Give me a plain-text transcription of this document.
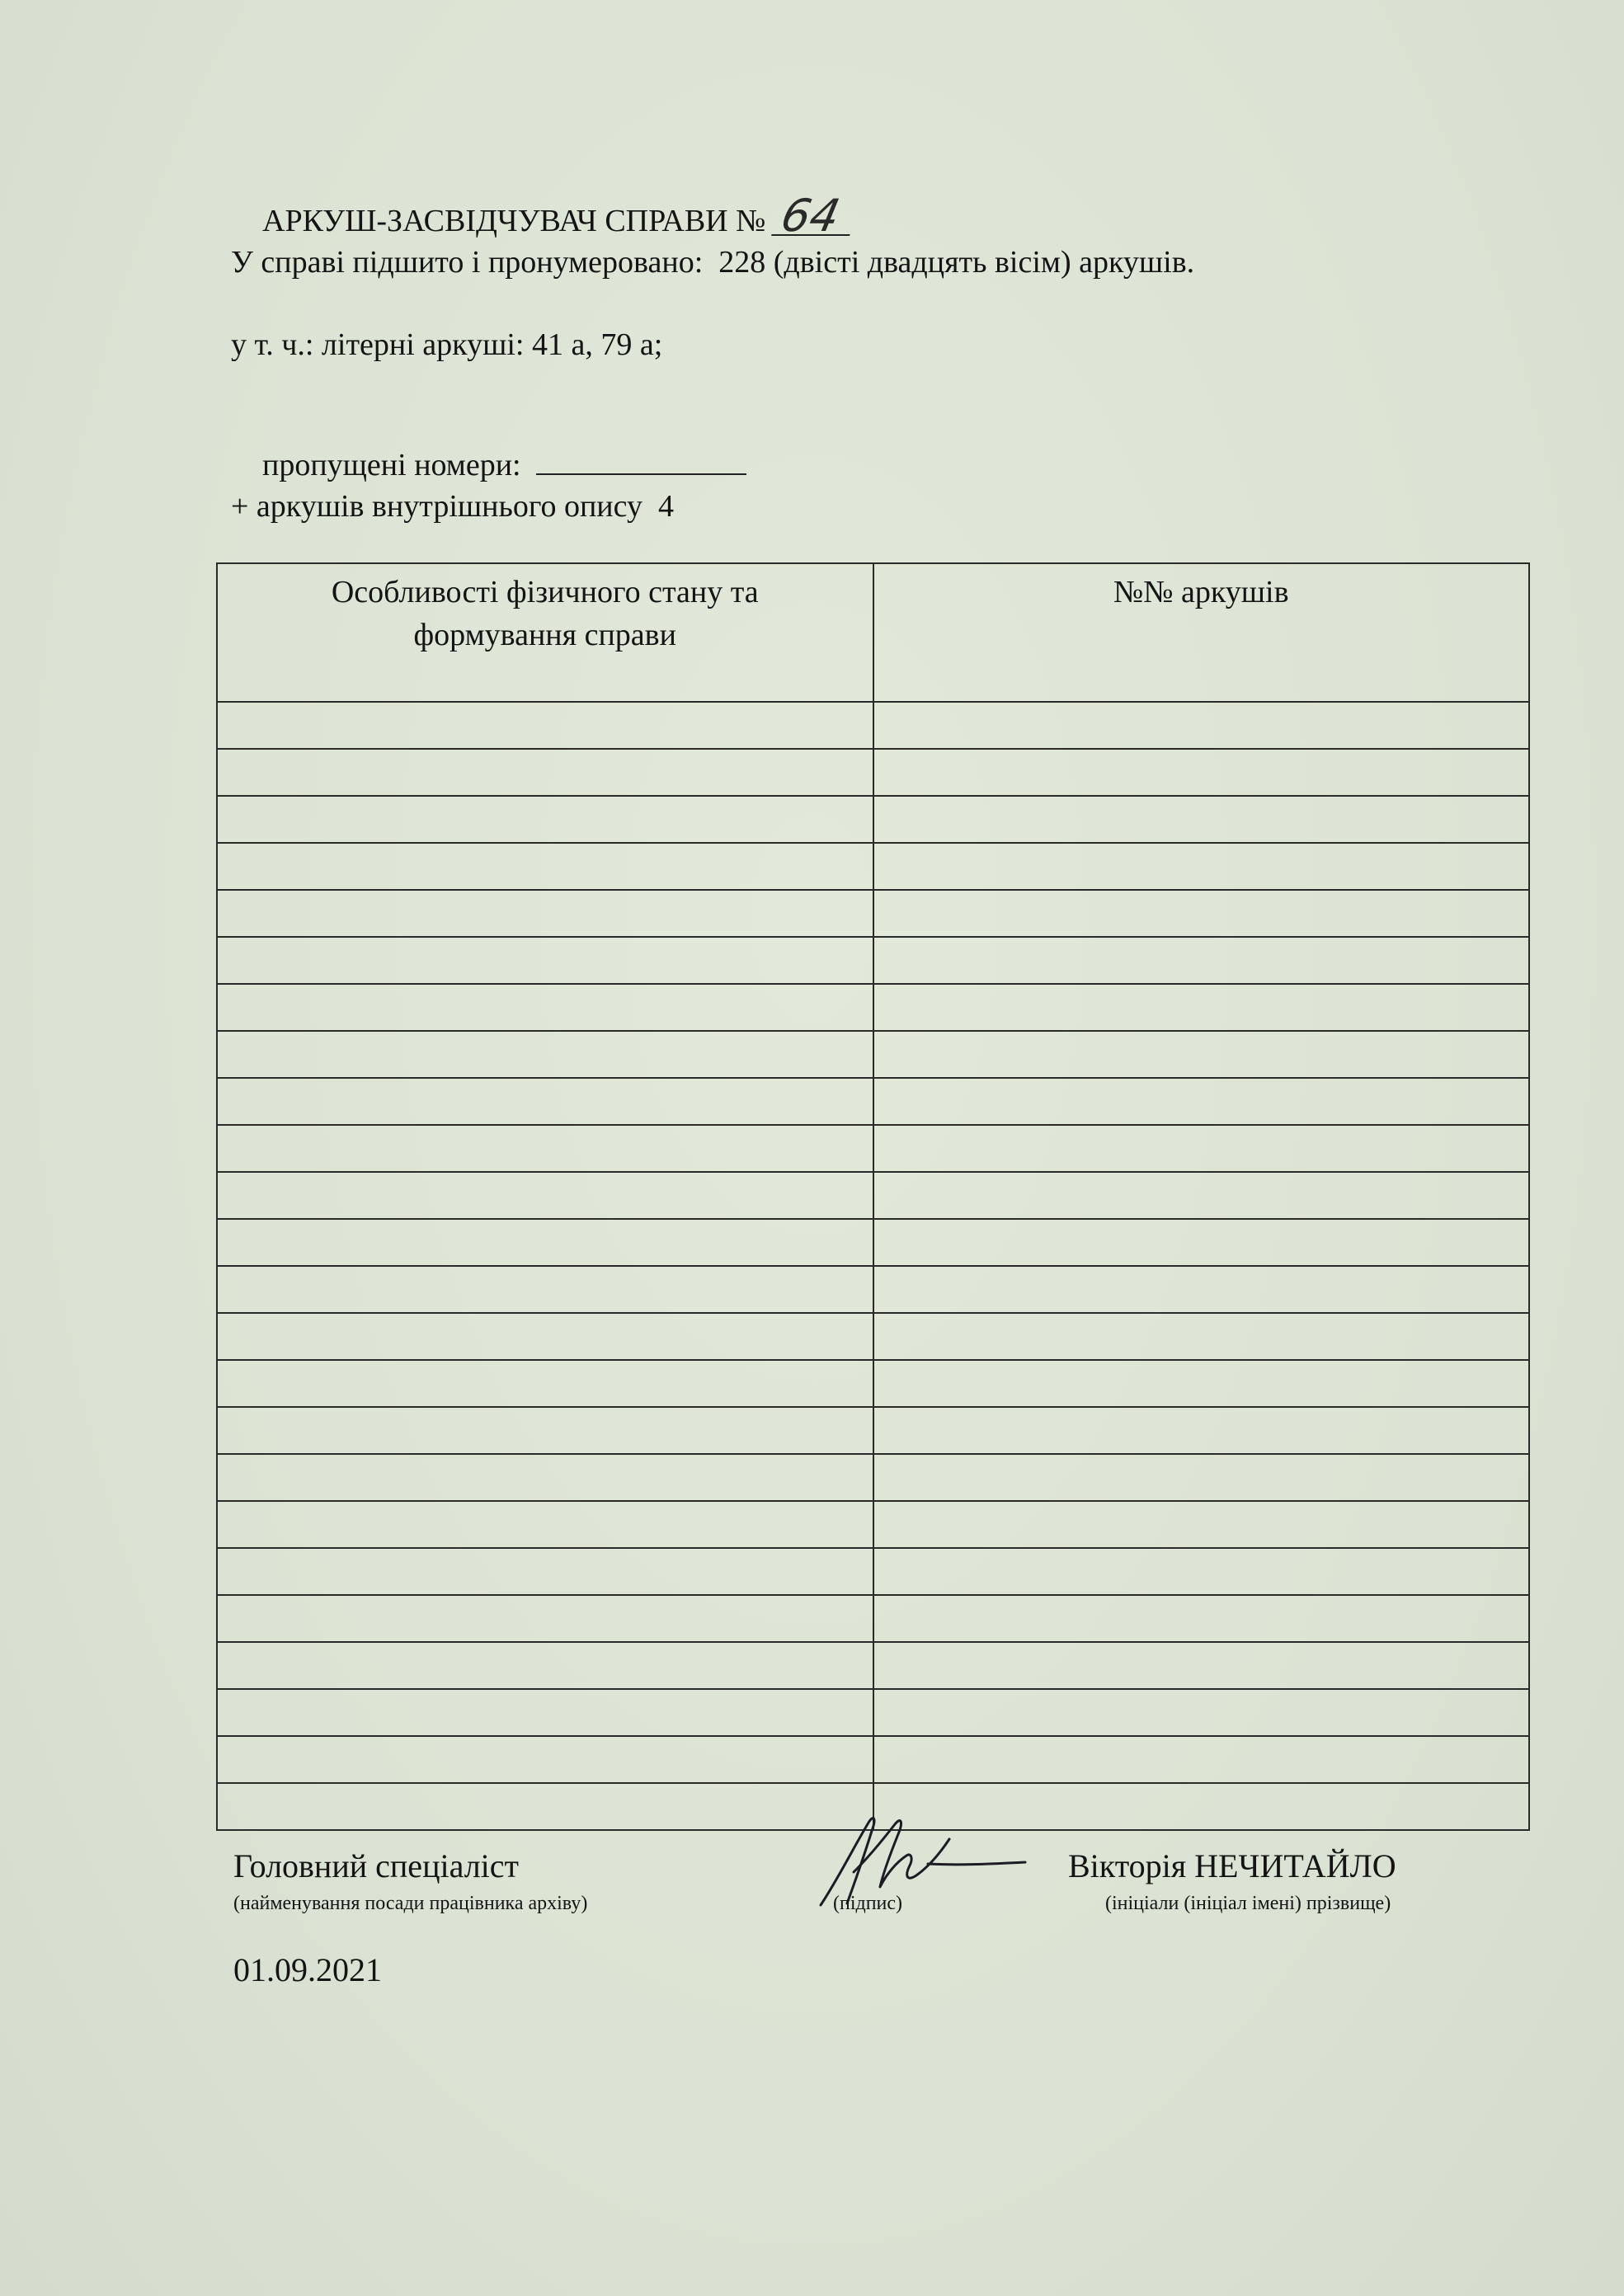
АРКУШ-ЗАСВІДЧУВАЧ СПРАВИ № 64

У справі підшито і пронумеровано:  228 (двісті двадцять вісім) аркушів.
у т. ч.: літерні аркуші: 41 а, 79 а;

пропущені номери:

+ аркушів внутрішнього опису  4
Особливості фізичного стану та
формування справи	№№ аркушів

Головний спеціаліст
(найменування посади працівника архіву)	(підпис)
Вікторія НЕЧИТАЙЛО
(ініціали (ініціал імені) прізвище)
01.09.2021
